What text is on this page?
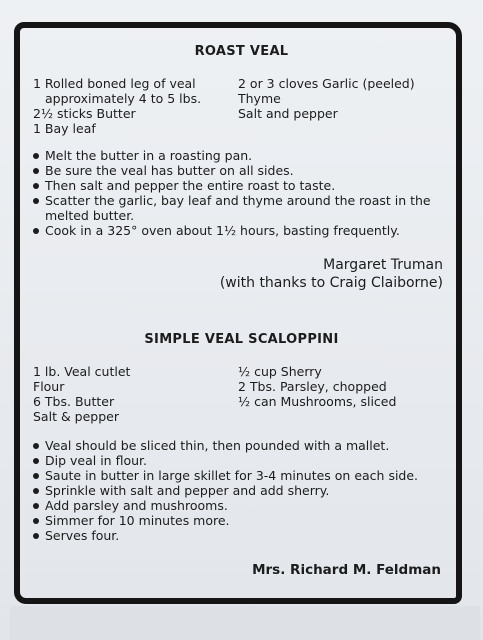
ROAST VEAL
1 Rolled boned leg of veal
approximately 4 to 5 lbs.
2½ sticks Butter
1 Bay leaf
2 or 3 cloves Garlic (peeled)
Thyme
Salt and pepper
Melt the butter in a roasting pan.
Be sure the veal has butter on all sides.
Then salt and pepper the entire roast to taste.
Scatter the garlic, bay leaf and thyme around the roast in the
melted butter.
Cook in a 325° oven about 1½ hours, basting frequently.
Margaret Truman
(with thanks to Craig Claiborne)
SIMPLE VEAL SCALOPPINI
1 lb. Veal cutlet
Flour
6 Tbs. Butter
Salt & pepper
½ cup Sherry
2 Tbs. Parsley, chopped
½ can Mushrooms, sliced
Veal should be sliced thin, then pounded with a mallet.
Dip veal in flour.
Saute in butter in large skillet for 3-4 minutes on each side.
Sprinkle with salt and pepper and add sherry.
Add parsley and mushrooms.
Simmer for 10 minutes more.
Serves four.
Mrs. Richard M. Feldman
